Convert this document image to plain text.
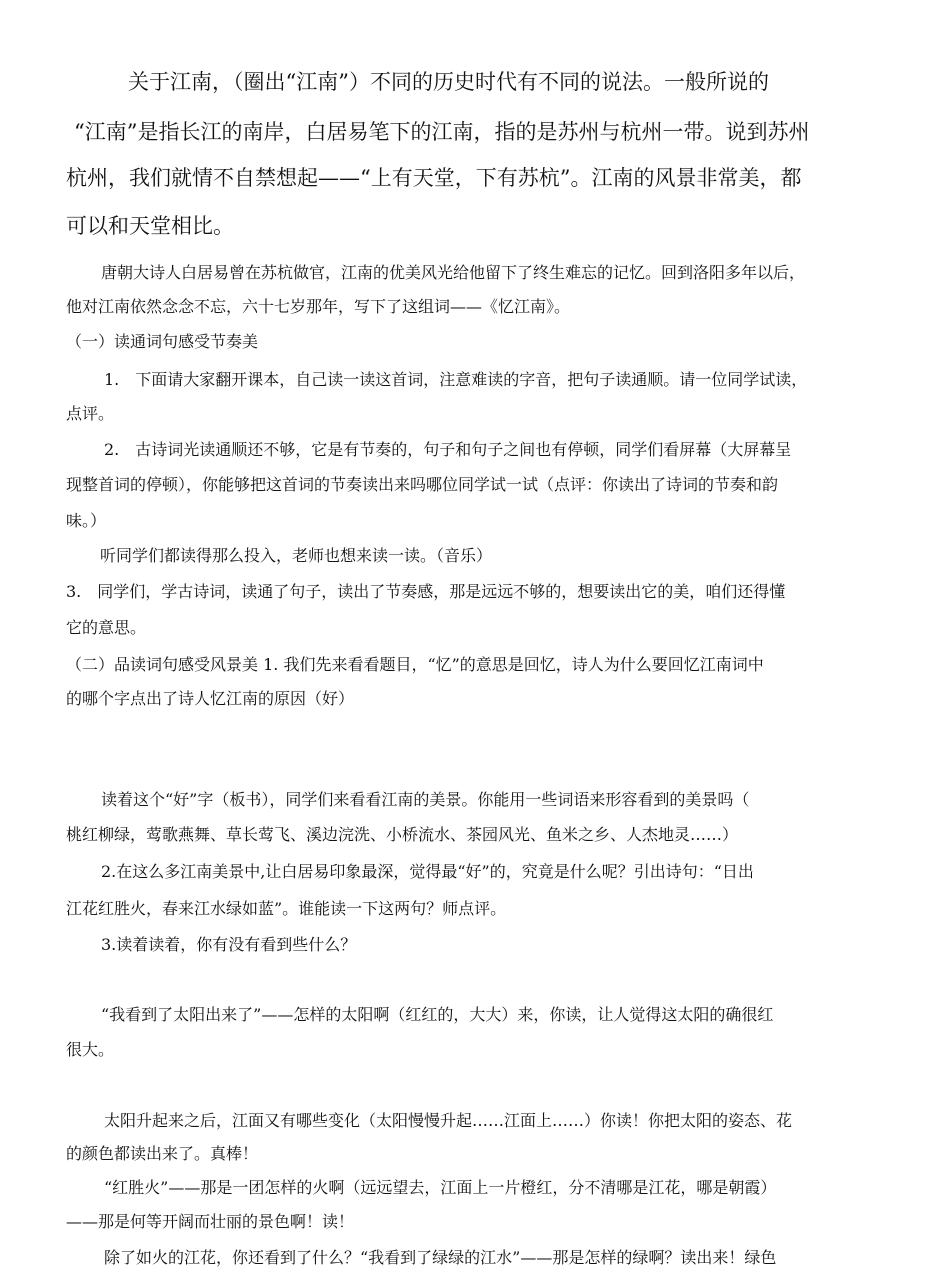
关于江南，（圈出“江南”）不同的历史时代有不同的说法。一般所说的

“江南”是指长江的南岸，白居易笔下的江南，指的是苏州与杭州一带。说到苏州

杭州，我们就情不自禁想起——“上有天堂，下有苏杭”。江南的风景非常美，都

可以和天堂相比。

唐朝大诗人白居易曾在苏杭做官，江南的优美风光给他留下了终生难忘的记忆。回到洛阳多年以后，

他对江南依然念念不忘，六十七岁那年，写下了这组词——《忆江南》。

（一）读通词句感受节奏美

1.　下面请大家翻开课本，自己读一读这首词，注意难读的字音，把句子读通顺。请一位同学试读，

点评。

2.　古诗词光读通顺还不够，它是有节奏的，句子和句子之间也有停顿，同学们看屏幕（大屏幕呈

现整首词的停顿），你能够把这首词的节奏读出来吗哪位同学试一试（点评：你读出了诗词的节奏和韵

味。）

听同学们都读得那么投入，老师也想来读一读。（音乐）

3.　同学们，学古诗词，读通了句子，读出了节奏感，那是远远不够的，想要读出它的美，咱们还得懂

它的意思。

（二）品读词句感受风景美 1. 我们先来看看题目，“忆”的意思是回忆，诗人为什么要回忆江南词中

的哪个字点出了诗人忆江南的原因（好）

读着这个“好”字（板书），同学们来看看江南的美景。你能用一些词语来形容看到的美景吗（

桃红柳绿，莺歌燕舞、草长莺飞、溪边浣洗、小桥流水、茶园风光、鱼米之乡、人杰地灵……）

2.在这么多江南美景中,让白居易印象最深，觉得最“好”的，究竟是什么呢？引出诗句：“日出

江花红胜火，春来江水绿如蓝”。谁能读一下这两句？师点评。

3.读着读着，你有没有看到些什么？

“我看到了太阳出来了”——怎样的太阳啊（红红的，大大）来，你读，让人觉得这太阳的确很红

很大。

太阳升起来之后，江面又有哪些变化（太阳慢慢升起……江面上……）你读！你把太阳的姿态、花

的颜色都读出来了。真棒！

“红胜火”——那是一团怎样的火啊（远远望去，江面上一片橙红，分不清哪是江花，哪是朝霞）

——那是何等开阔而壮丽的景色啊！读！

除了如火的江花，你还看到了什么？“我看到了绿绿的江水”——那是怎样的绿啊？读出来！绿色
